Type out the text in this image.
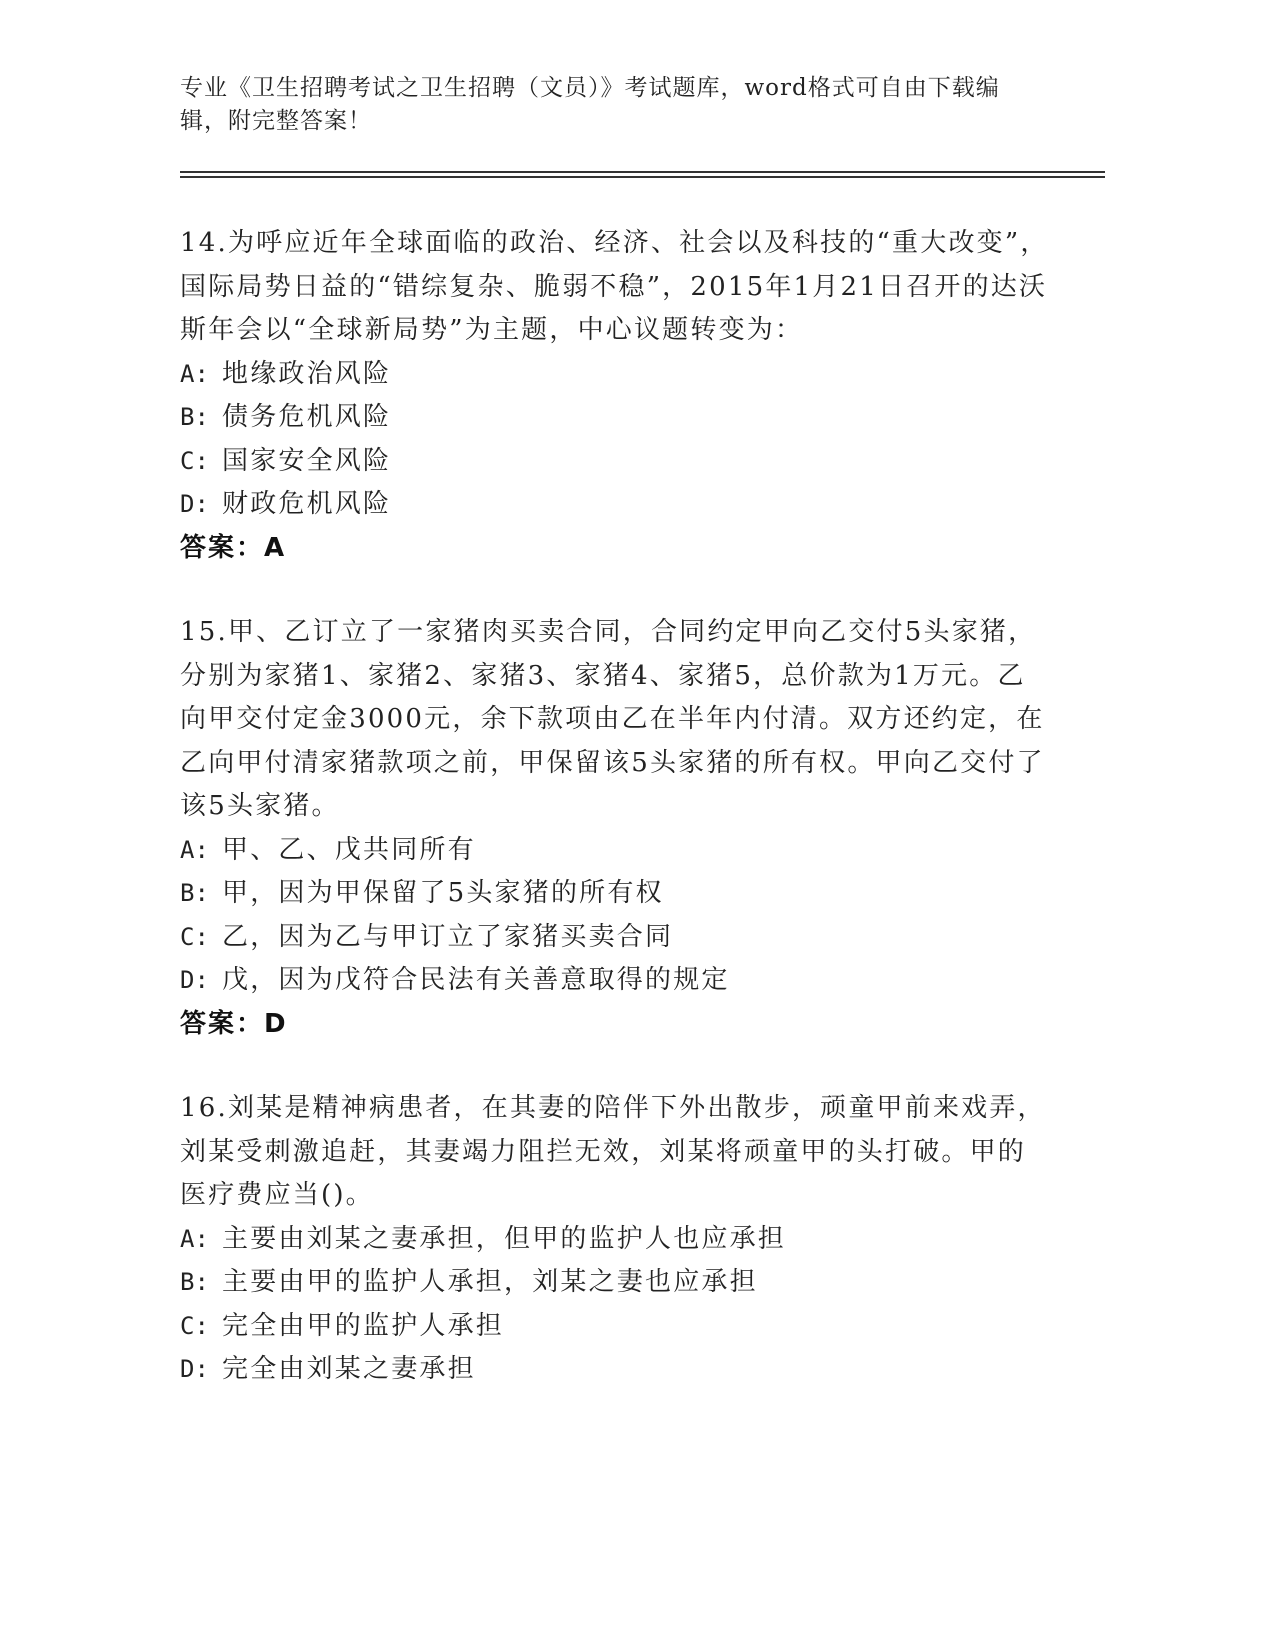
专业《卫生招聘考试之卫生招聘（文员）》考试题库，word格式可自由下载编辑，附完整答案！

14.为呼应近年全球面临的政治、经济、社会以及科技的“重大改变”，国际局势日益的“错综复杂、脆弱不稳”，2015年1月21日召开的达沃斯年会以“全球新局势”为主题，中心议题转变为：

A: 地缘政治风险

B: 债务危机风险

C: 国家安全风险

D: 财政危机风险

答案：A

15.甲、乙订立了一家猪肉买卖合同，合同约定甲向乙交付5头家猪，分别为家猪1、家猪2、家猪3、家猪4、家猪5，总价款为1万元。乙向甲交付定金3000元，余下款项由乙在半年内付清。双方还约定，在乙向甲付清家猪款项之前，甲保留该5头家猪的所有权。甲向乙交付了该5头家猪。

A: 甲、乙、戊共同所有

B: 甲，因为甲保留了5头家猪的所有权

C: 乙，因为乙与甲订立了家猪买卖合同

D: 戊，因为戊符合民法有关善意取得的规定

答案：D

16.刘某是精神病患者，在其妻的陪伴下外出散步，顽童甲前来戏弄，刘某受刺激追赶，其妻竭力阻拦无效，刘某将顽童甲的头打破。甲的医疗费应当()。

A: 主要由刘某之妻承担，但甲的监护人也应承担

B: 主要由甲的监护人承担，刘某之妻也应承担

C: 完全由甲的监护人承担

D: 完全由刘某之妻承担
